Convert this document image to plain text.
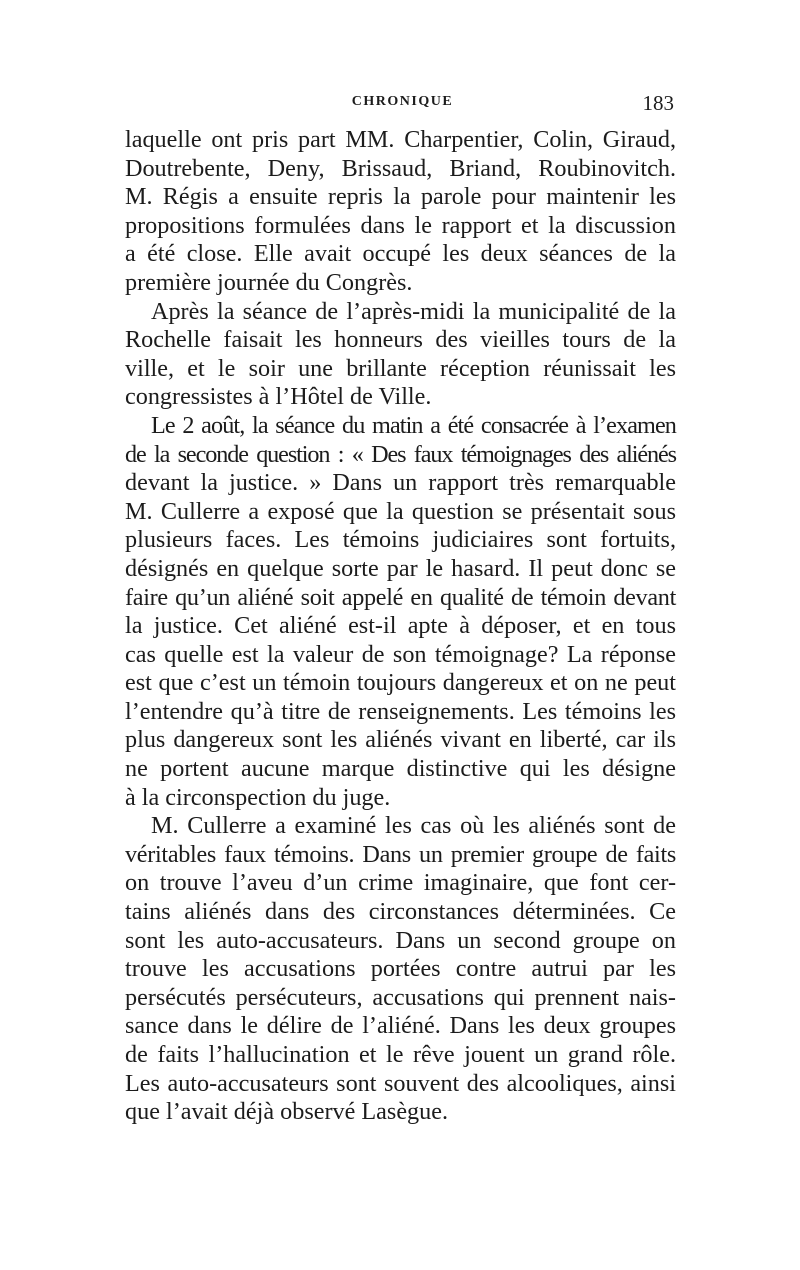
CHRONIQUE	183
laquelle ont pris part MM. Charpentier, Colin, Giraud,
Doutrebente, Deny, Brissaud, Briand, Roubinovitch.
M. Régis a ensuite repris la parole pour maintenir les
propositions formulées dans le rapport et la discussion
a été close. Elle avait occupé les deux séances de la
première journée du Congrès.
Après la séance de l’après-midi la municipalité de la
Rochelle faisait les honneurs des vieilles tours de la
ville, et le soir une brillante réception réunissait les
congressistes à l’Hôtel de Ville.
Le 2 août, la séance du matin a été consacrée à l’examen
de la seconde question : « Des faux témoignages des aliénés
devant la justice. » Dans un rapport très remarquable
M. Cullerre a exposé que la question se présentait sous
plusieurs faces. Les témoins judiciaires sont fortuits,
désignés en quelque sorte par le hasard. Il peut donc se
faire qu’un aliéné soit appelé en qualité de témoin devant
la justice. Cet aliéné est-il apte à déposer, et en tous
cas quelle est la valeur de son témoignage? La réponse
est que c’est un témoin toujours dangereux et on ne peut
l’entendre qu’à titre de renseignements. Les témoins les
plus dangereux sont les aliénés vivant en liberté, car ils
ne portent aucune marque distinctive qui les désigne
à la circonspection du juge.
M. Cullerre a examiné les cas où les aliénés sont de
véritables faux témoins. Dans un premier groupe de faits
on trouve l’aveu d’un crime imaginaire, que font cer-
tains aliénés dans des circonstances déterminées. Ce
sont les auto-accusateurs. Dans un second groupe on
trouve les accusations portées contre autrui par les
persécutés persécuteurs, accusations qui prennent nais-
sance dans le délire de l’aliéné. Dans les deux groupes
de faits l’hallucination et le rêve jouent un grand rôle.
Les auto-accusateurs sont souvent des alcooliques, ainsi
que l’avait déjà observé Lasègue.
